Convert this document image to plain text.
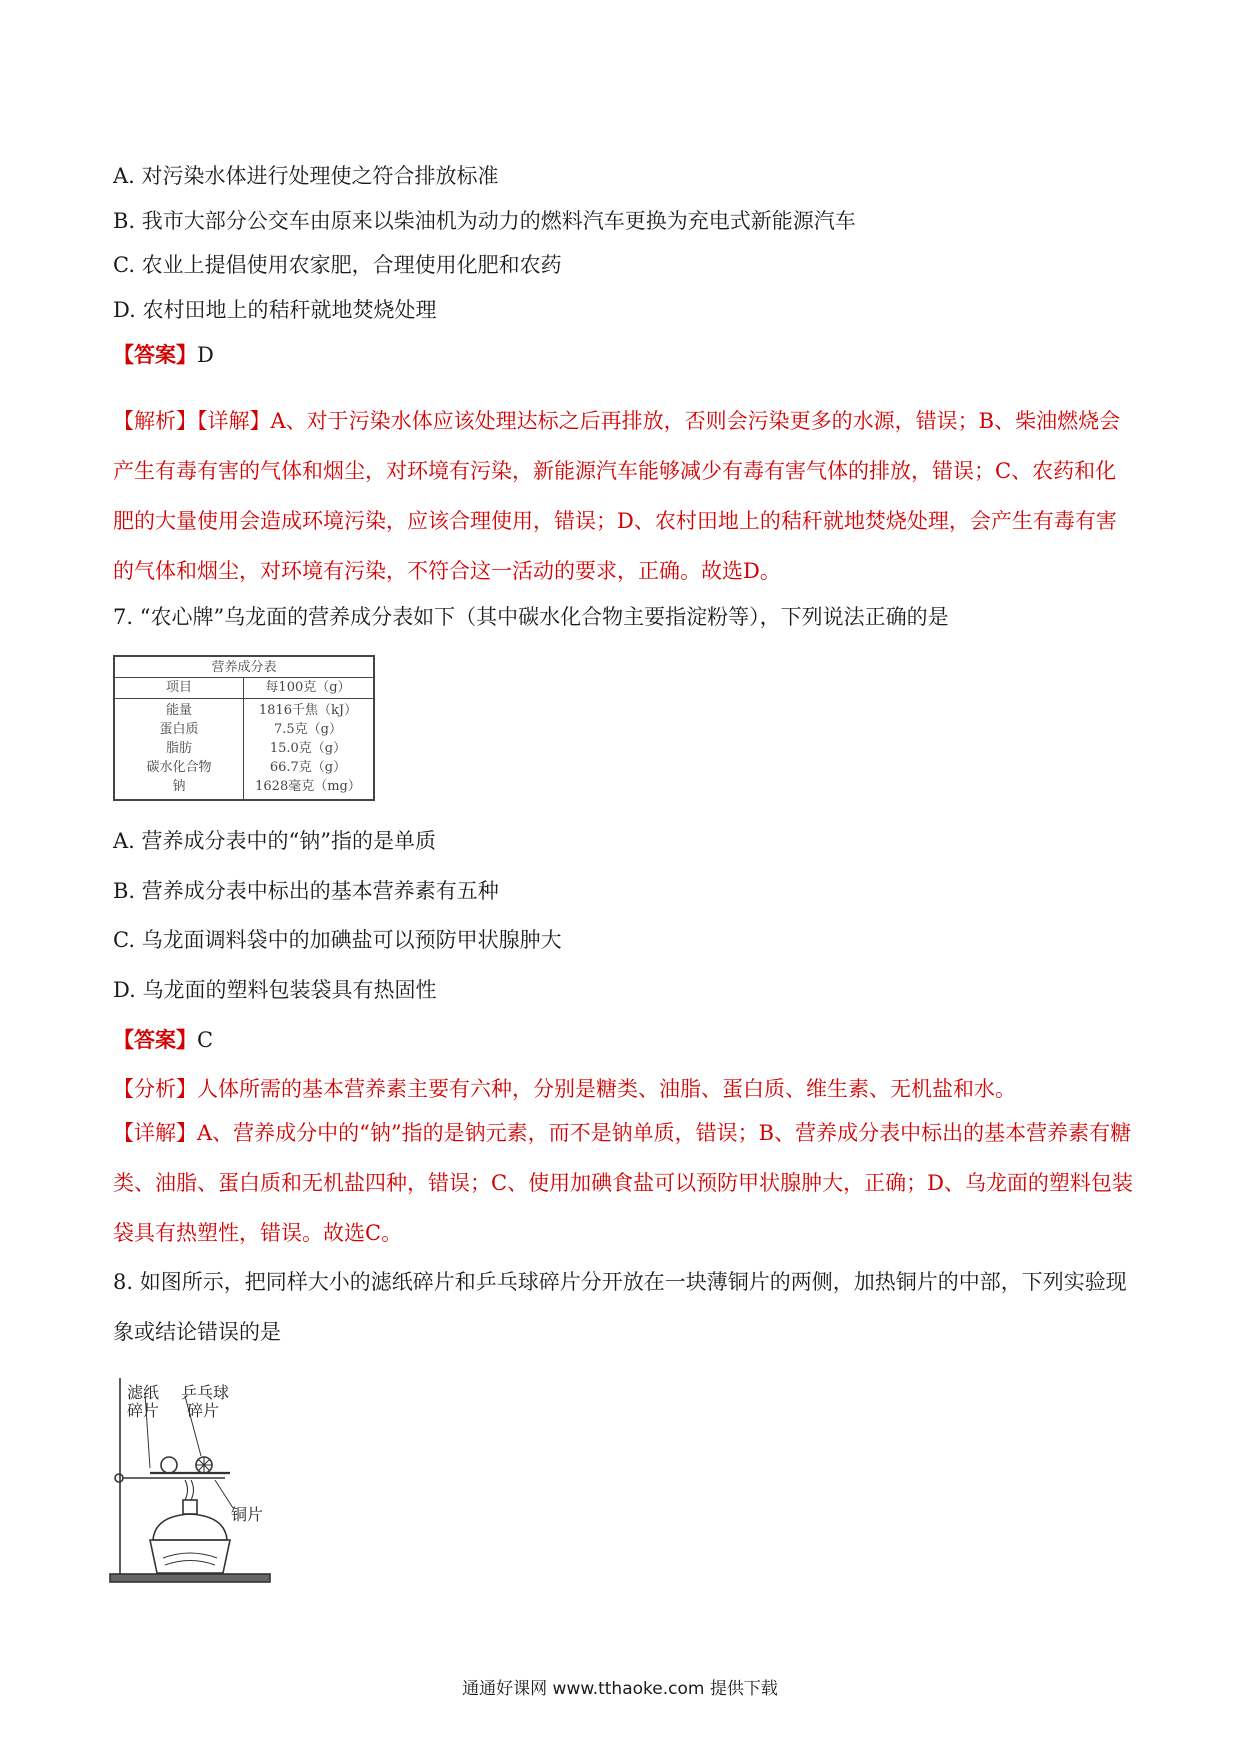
A. 对污染水体进行处理使之符合排放标准
B. 我市大部分公交车由原来以柴油机为动力的燃料汽车更换为充电式新能源汽车
C. 农业上提倡使用农家肥，合理使用化肥和农药
D. 农村田地上的秸秆就地焚烧处理
【答案】D
【解析】【详解】A、对于污染水体应该处理达标之后再排放，否则会污染更多的水源，错误；B、柴油燃烧会产生有毒有害的气体和烟尘，对环境有污染，新能源汽车能够减少有毒有害气体的排放，错误；C、农药和化肥的大量使用会造成环境污染，应该合理使用，错误；D、农村田地上的秸秆就地焚烧处理，会产生有毒有害的气体和烟尘，对环境有污染，不符合这一活动的要求，正确。故选D。
7. “农心牌”乌龙面的营养成分表如下（其中碳水化合物主要指淀粉等），下列说法正确的是
营养成分表
项目	每100克（g）
能量	1816千焦（kJ）
蛋白质	7.5克（g）
脂肪	15.0克（g）
碳水化合物	66.7克（g）
钠	1628毫克（mg）
A. 营养成分表中的“钠”指的是单质
B. 营养成分表中标出的基本营养素有五种
C. 乌龙面调料袋中的加碘盐可以预防甲状腺肿大
D. 乌龙面的塑料包装袋具有热固性
【答案】C
【分析】人体所需的基本营养素主要有六种，分别是糖类、油脂、蛋白质、维生素、无机盐和水。
【详解】A、营养成分中的“钠”指的是钠元素，而不是钠单质，错误；B、营养成分表中标出的基本营养素有糖类、油脂、蛋白质和无机盐四种，错误；C、使用加碘食盐可以预防甲状腺肿大，正确；D、乌龙面的塑料包装袋具有热塑性，错误。故选C。
8. 如图所示，把同样大小的滤纸碎片和乒乓球碎片分开放在一块薄铜片的两侧，加热铜片的中部，下列实验现象或结论错误的是
滤纸
碎片
乒乓球
碎片
铜片
通通好课网 www.tthaoke.com 提供下载
